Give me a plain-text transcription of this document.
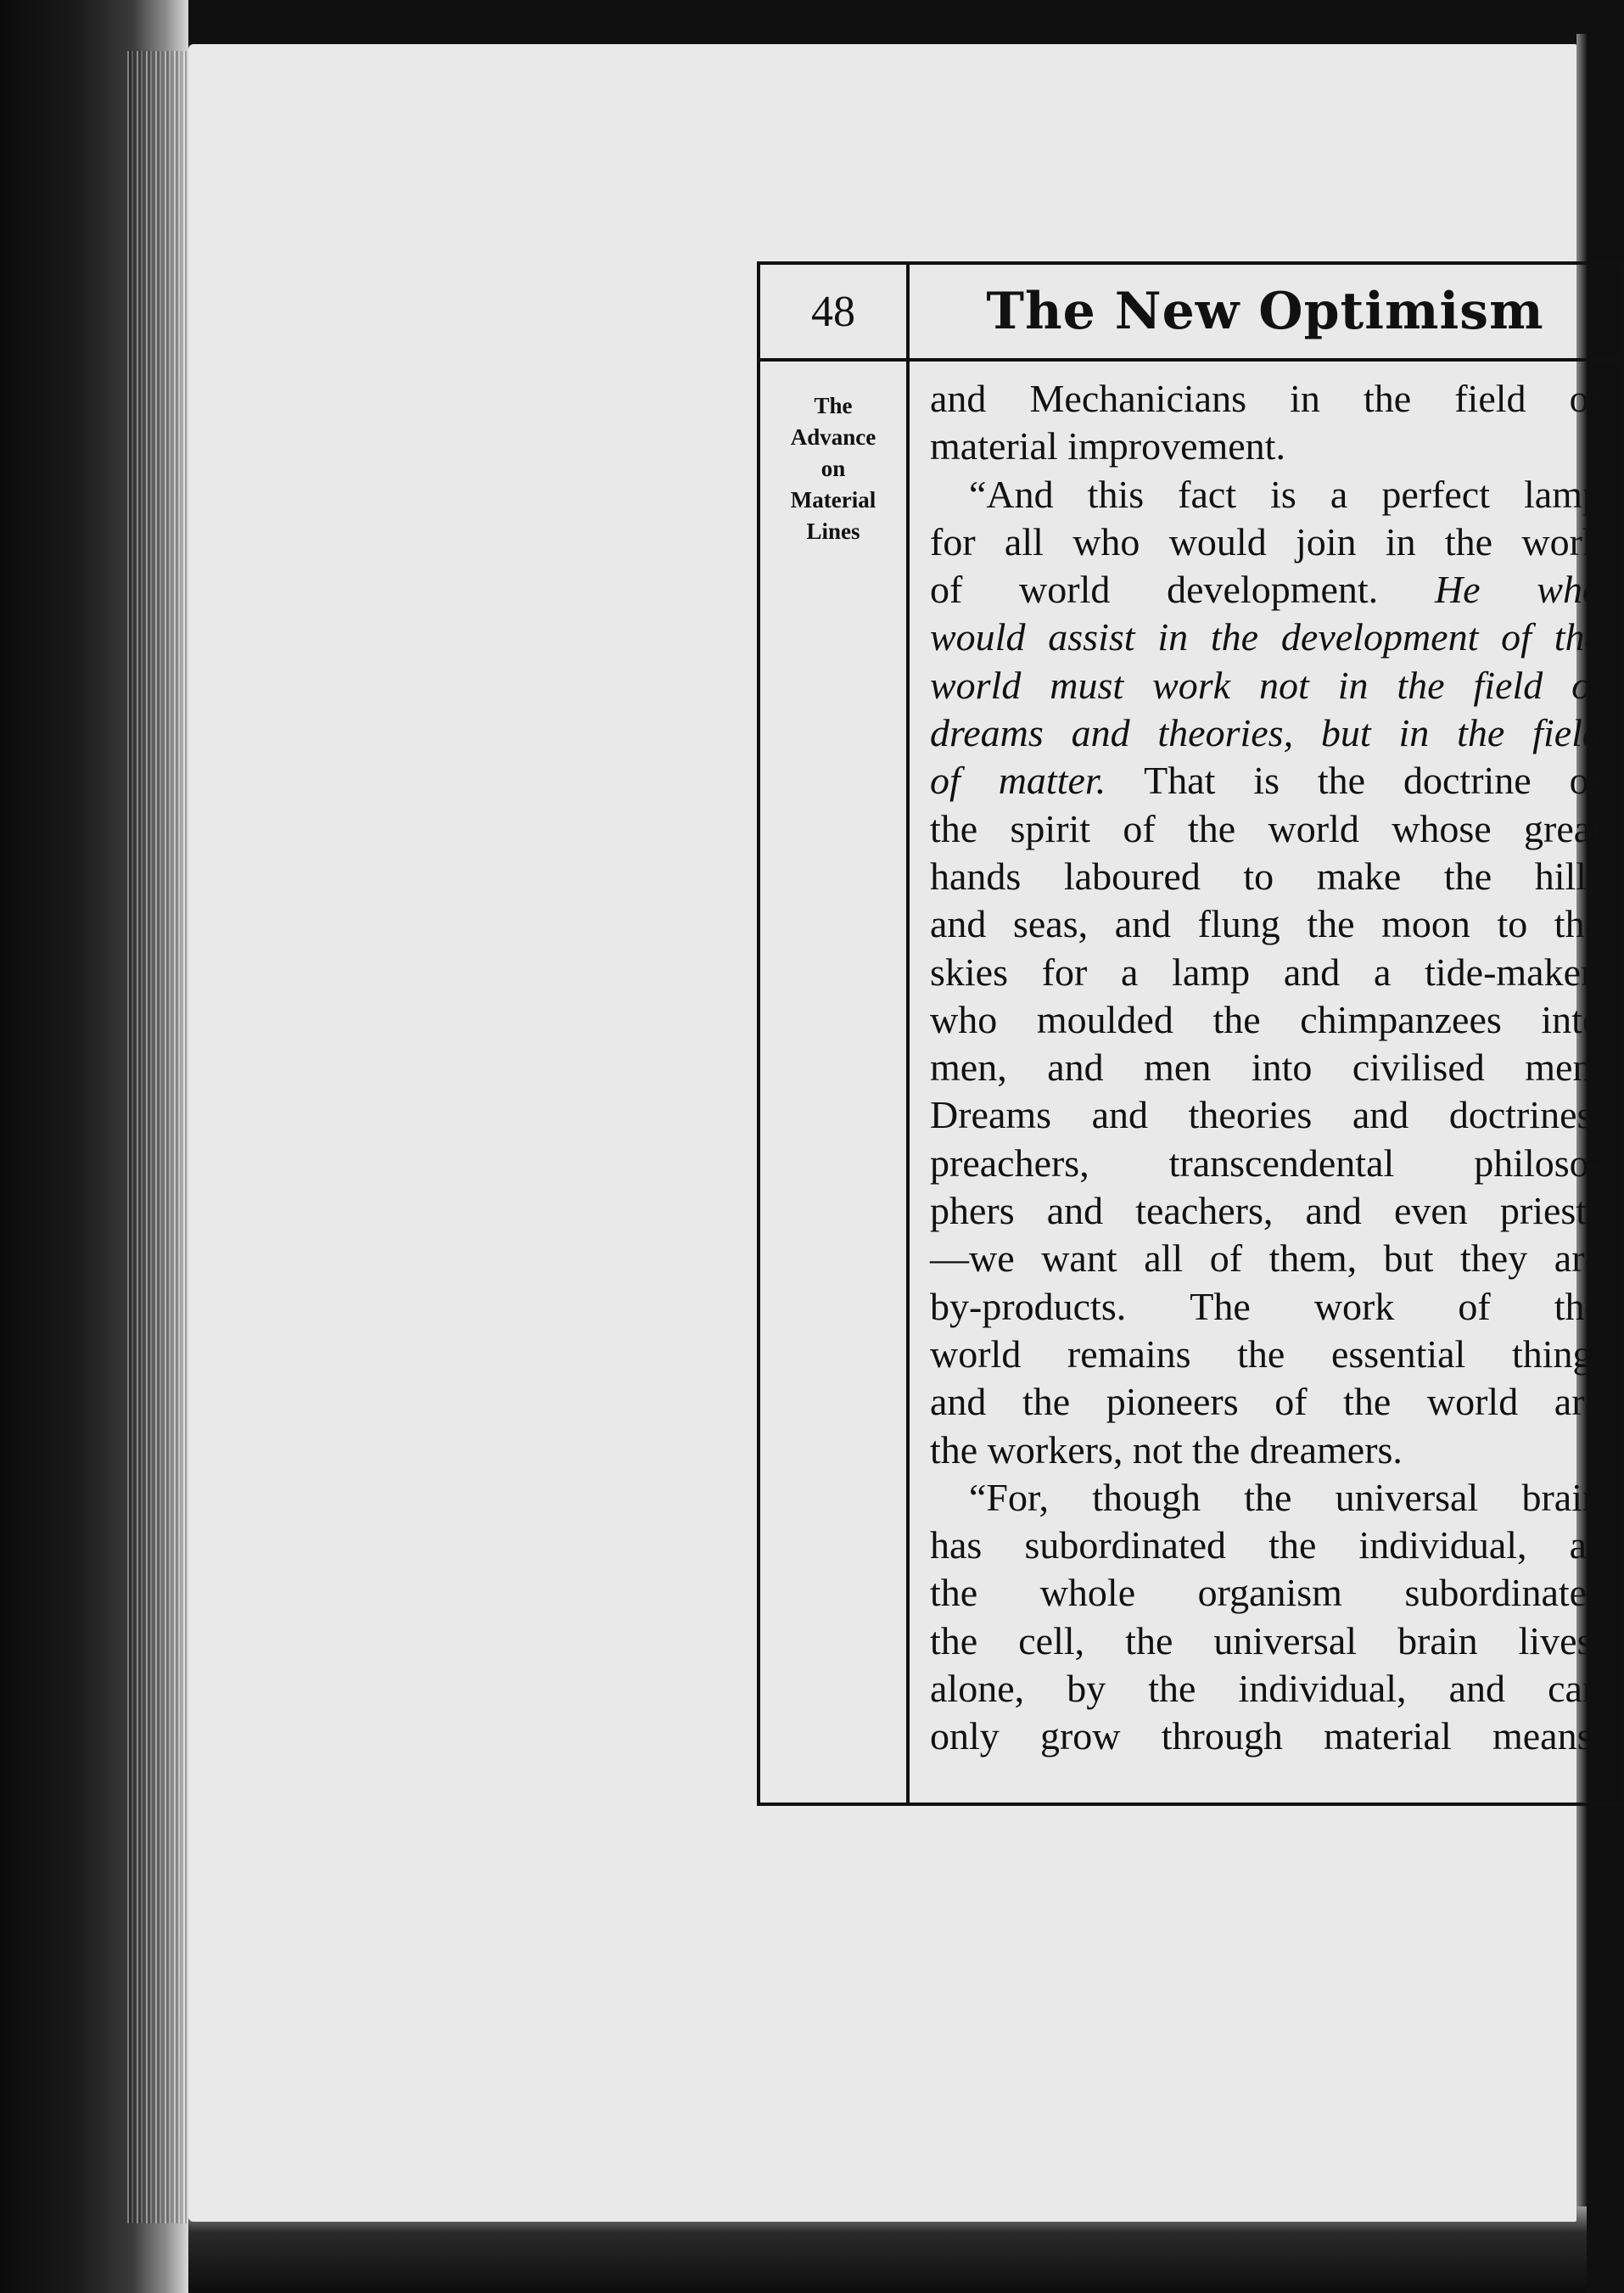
48	The New Optimism
The
Advance
on
Material
Lines
and Mechanicians in the field of
material improvement.
“And this fact is a perfect lamp
for all who would join in the work
of world development. He who
would assist in the development of the
world must work not in the field of
dreams and theories, but in the field
of matter. That is the doctrine of
the spirit of the world whose great
hands laboured to make the hills
and seas, and flung the moon to the
skies for a lamp and a tide-maker,
who moulded the chimpanzees into
men, and men into civilised men.
Dreams and theories and doctrines,
preachers, transcendental philoso-
phers and teachers, and even priests
—we want all of them, but they are
by-products. The work of the
world remains the essential thing,
and the pioneers of the world are
the workers, not the dreamers.
“For, though the universal brain
has subordinated the individual, as
the whole organism subordinates
the cell, the universal brain lives,
alone, by the individual, and can
only grow through material means.
